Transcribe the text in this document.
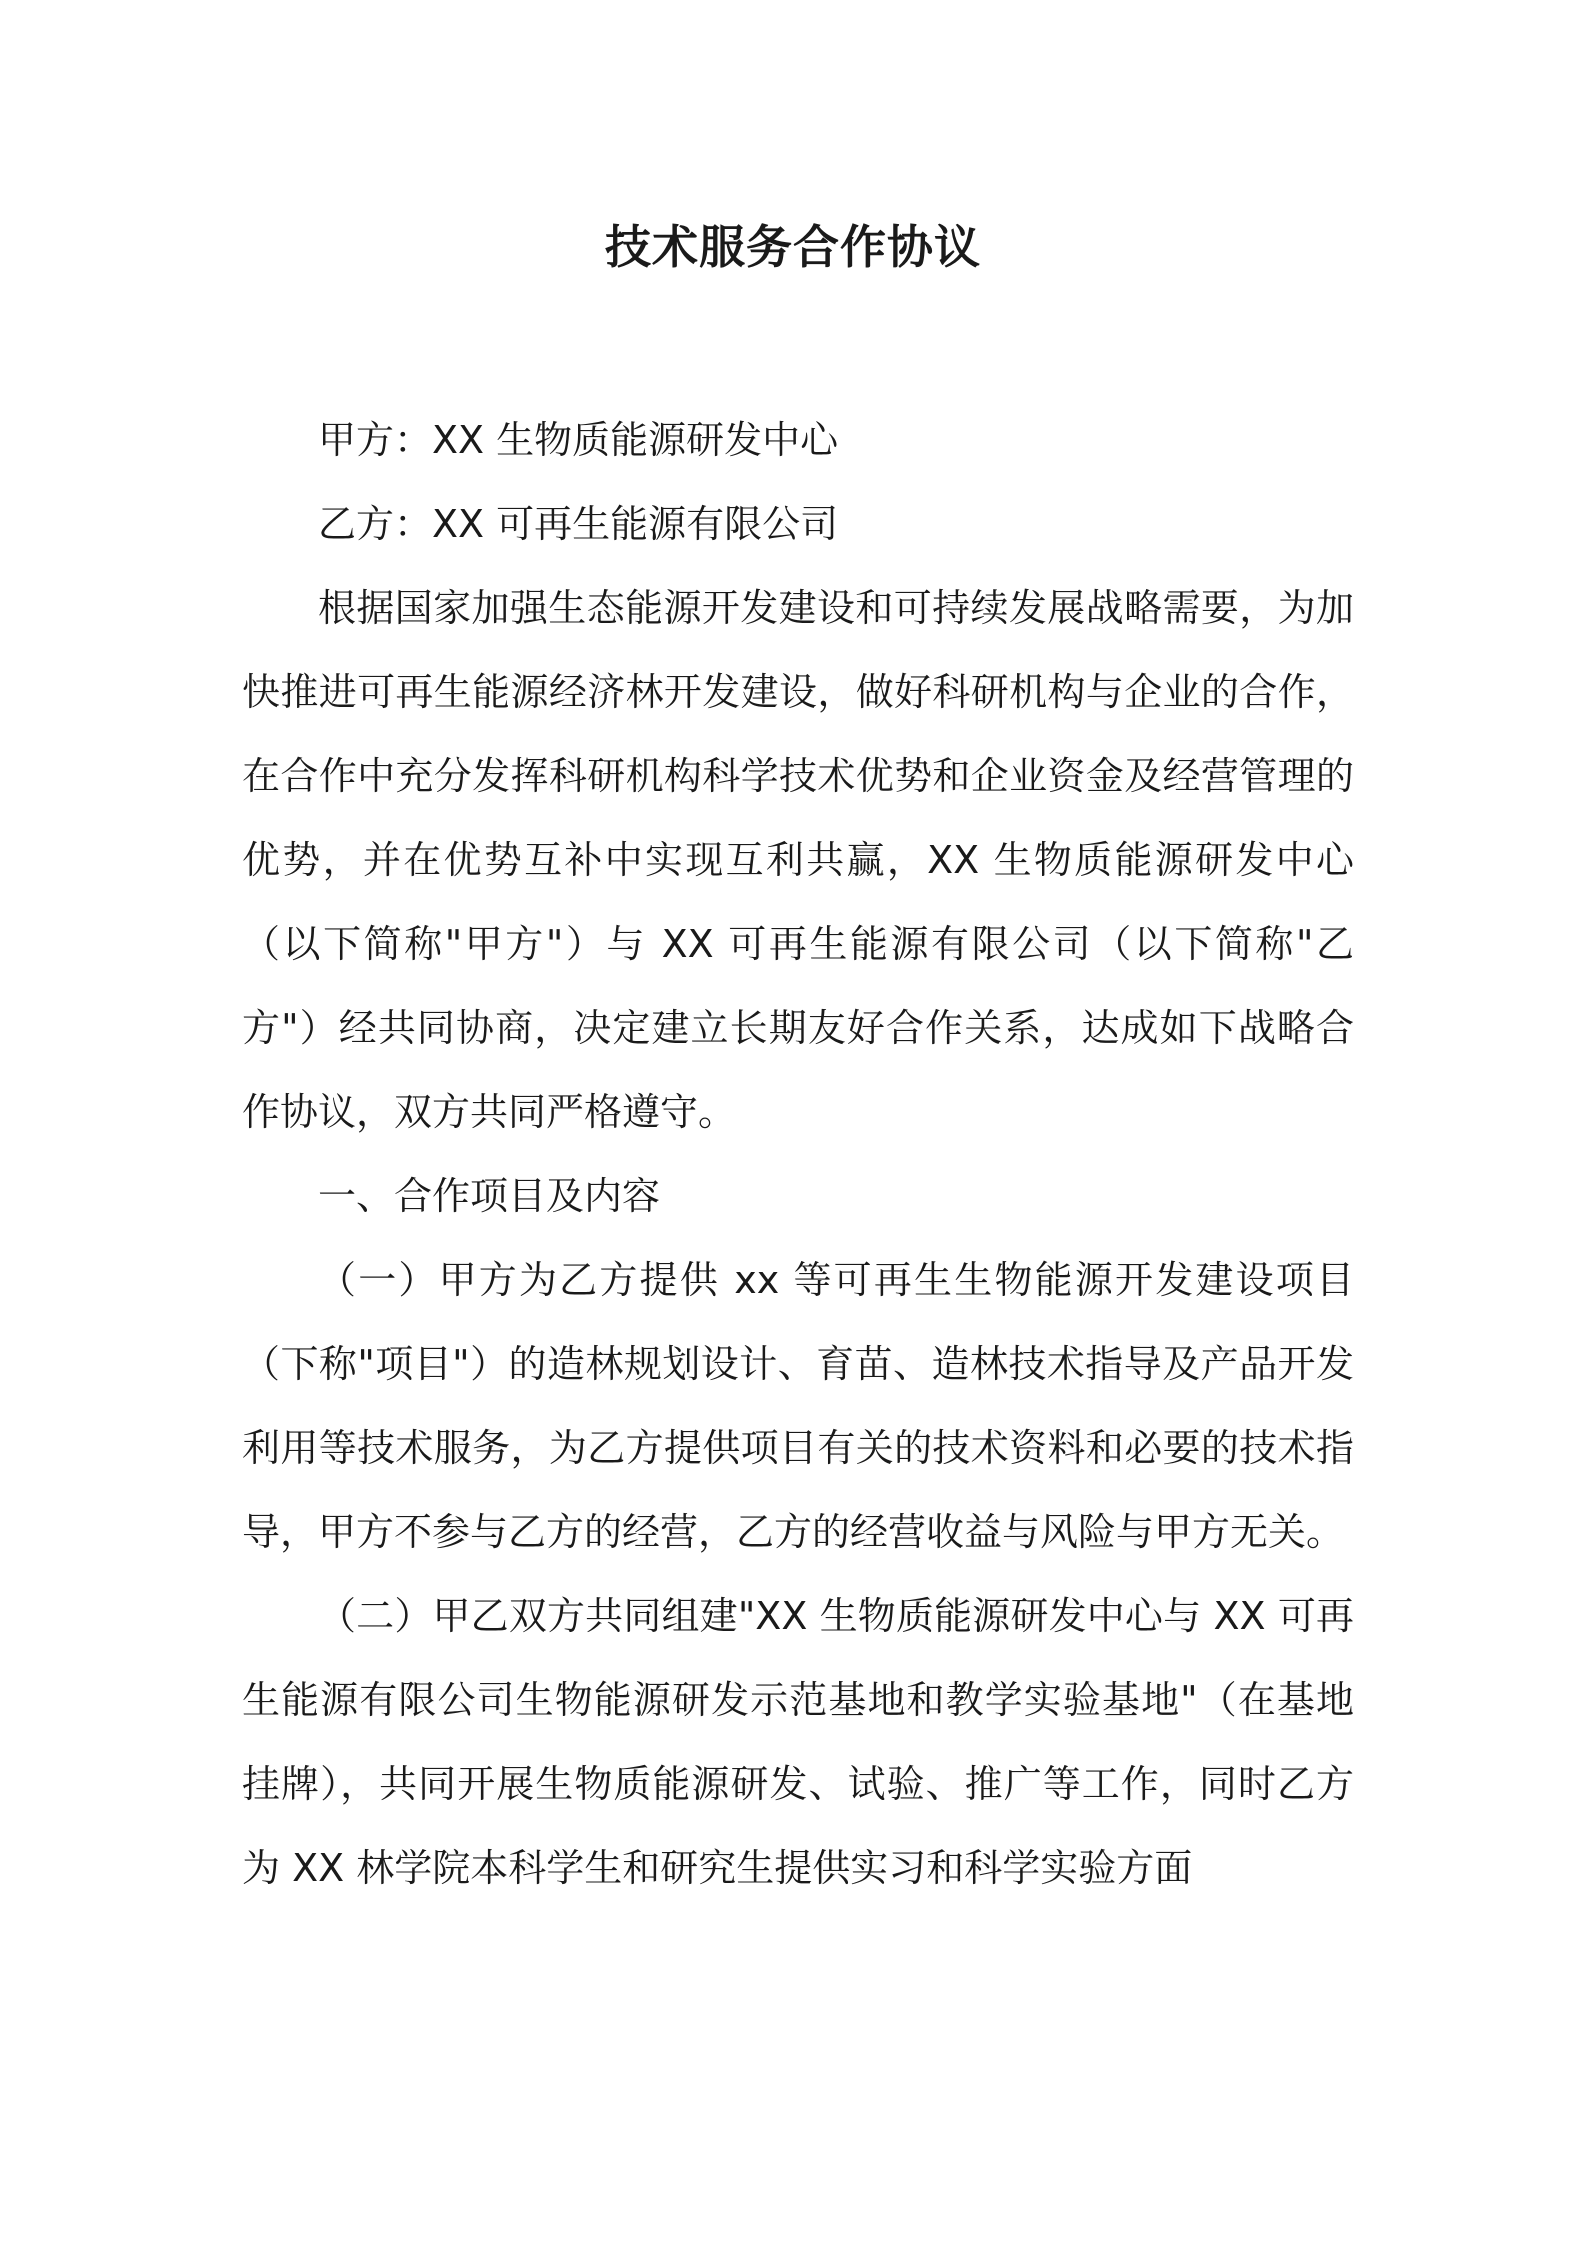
技术服务合作协议

甲方：XX 生物质能源研发中心

乙方：XX 可再生能源有限公司

根据国家加强生态能源开发建设和可持续发展战略需要，为加快推进可再生能源经济林开发建设，做好科研机构与企业的合作，在合作中充分发挥科研机构科学技术优势和企业资金及经营管理的优势，并在优势互补中实现互利共赢，XX 生物质能源研发中心（以下简称"甲方"）与 XX 可再生能源有限公司（以下简称"乙方"）经共同协商，决定建立长期友好合作关系，达成如下战略合作协议，双方共同严格遵守。

一、合作项目及内容

（一）甲方为乙方提供 xx 等可再生生物能源开发建设项目（下称"项目"）的造林规划设计、育苗、造林技术指导及产品开发利用等技术服务，为乙方提供项目有关的技术资料和必要的技术指导，甲方不参与乙方的经营，乙方的经营收益与风险与甲方无关。

（二）甲乙双方共同组建"XX 生物质能源研发中心与 XX 可再生能源有限公司生物能源研发示范基地和教学实验基地"（在基地挂牌），共同开展生物质能源研发、试验、推广等工作，同时乙方为 XX 林学院本科学生和研究生提供实习和科学实验方面
